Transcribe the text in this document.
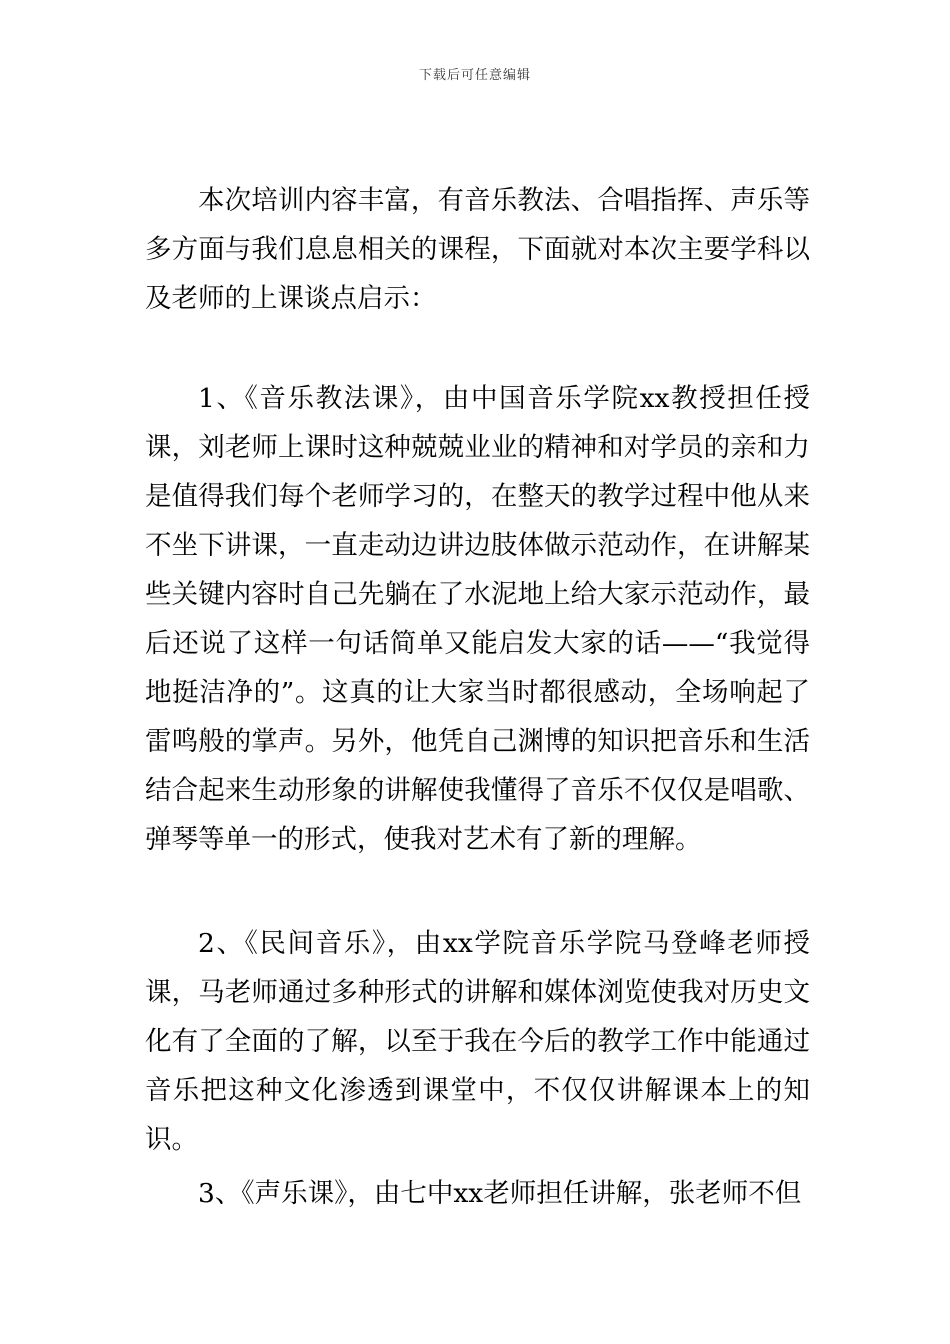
下载后可任意编辑

本次培训内容丰富，有音乐教法、合唱指挥、声乐等多方面与我们息息相关的课程，下面就对本次主要学科以及老师的上课谈点启示：

1、《音乐教法课》，由中国音乐学院xx教授担任授课，刘老师上课时这种兢兢业业的精神和对学员的亲和力是值得我们每个老师学习的，在整天的教学过程中他从来不坐下讲课，一直走动边讲边肢体做示范动作，在讲解某些关键内容时自己先躺在了水泥地上给大家示范动作，最后还说了这样一句话简单又能启发大家的话——“我觉得地挺洁净的”。这真的让大家当时都很感动，全场响起了雷鸣般的掌声。另外，他凭自己渊博的知识把音乐和生活结合起来生动形象的讲解使我懂得了音乐不仅仅是唱歌、弹琴等单一的形式，使我对艺术有了新的理解。

2、《民间音乐》，由xx学院音乐学院马登峰老师授课，马老师通过多种形式的讲解和媒体浏览使我对历史文化有了全面的了解，以至于我在今后的教学工作中能通过音乐把这种文化渗透到课堂中，不仅仅讲解课本上的知识。

3、《声乐课》，由七中xx老师担任讲解，张老师不但
